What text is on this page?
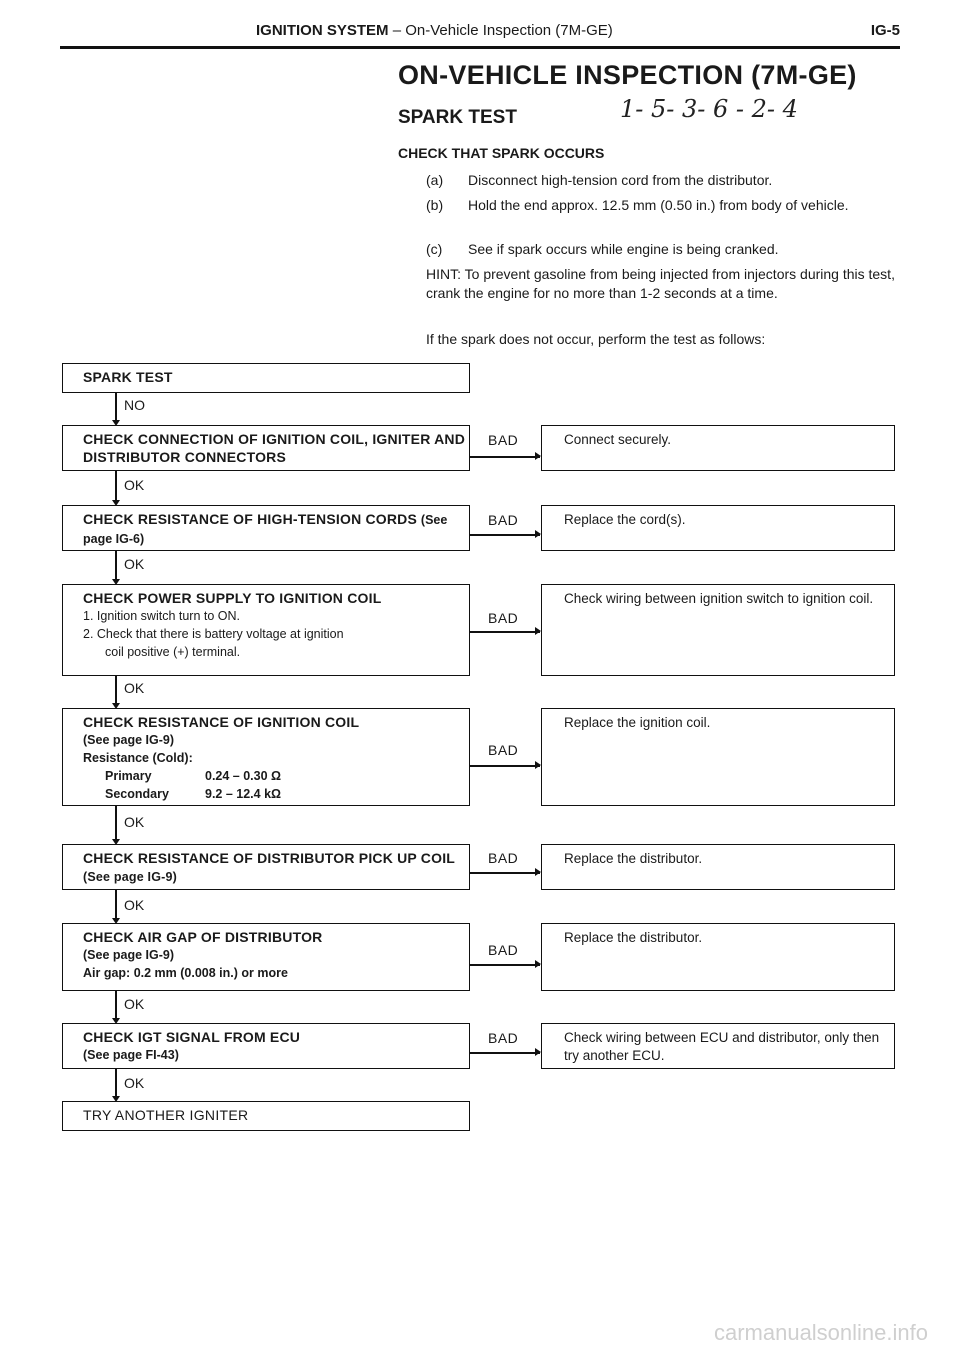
IGNITION SYSTEM – On-Vehicle Inspection (7M-GE)	IG-5
ON-VEHICLE INSPECTION (7M-GE)
SPARK TEST	1- 5- 3- 6 - 2- 4
CHECK THAT SPARK OCCURS
(a) Disconnect high-tension cord from the distributor.
(b) Hold the end approx. 12.5 mm (0.50 in.) from body of vehicle.
(c) See if spark occurs while engine is being cranked.
HINT: To prevent gasoline from being injected from injectors during this test, crank the engine for no more than 1-2 seconds at a time.
If the spark does not occur, perform the test as follows:
SPARK TEST
NO
CHECK CONNECTION OF IGNITION COIL, IGNITER AND DISTRIBUTOR CONNECTORS
BAD	Connect securely.
OK
CHECK RESISTANCE OF HIGH-TENSION CORDS (See page IG-6)
BAD	Replace the cord(s).
OK
CHECK POWER SUPPLY TO IGNITION COIL
1. Ignition switch turn to ON.
2. Check that there is battery voltage at ignition
coil positive (+) terminal.
BAD
Check wiring between ignition switch to ignition coil.
OK
CHECK RESISTANCE OF IGNITION COIL
(See page IG-9)
Resistance (Cold):
Primary	0.24 – 0.30 Ω
Secondary	9.2 – 12.4 kΩ
BAD
Replace the ignition coil.
OK
CHECK RESISTANCE OF DISTRIBUTOR PICK UP COIL (See page IG-9)
BAD	Replace the distributor.
OK
CHECK AIR GAP OF DISTRIBUTOR
(See page IG-9)
Air gap: 0.2 mm (0.008 in.) or more
BAD
Replace the distributor.
OK
CHECK IGT SIGNAL FROM ECU
(See page FI-43)
BAD	Check wiring between ECU and distributor, only then try another ECU.
OK
TRY ANOTHER IGNITER
carmanualsonline.info
